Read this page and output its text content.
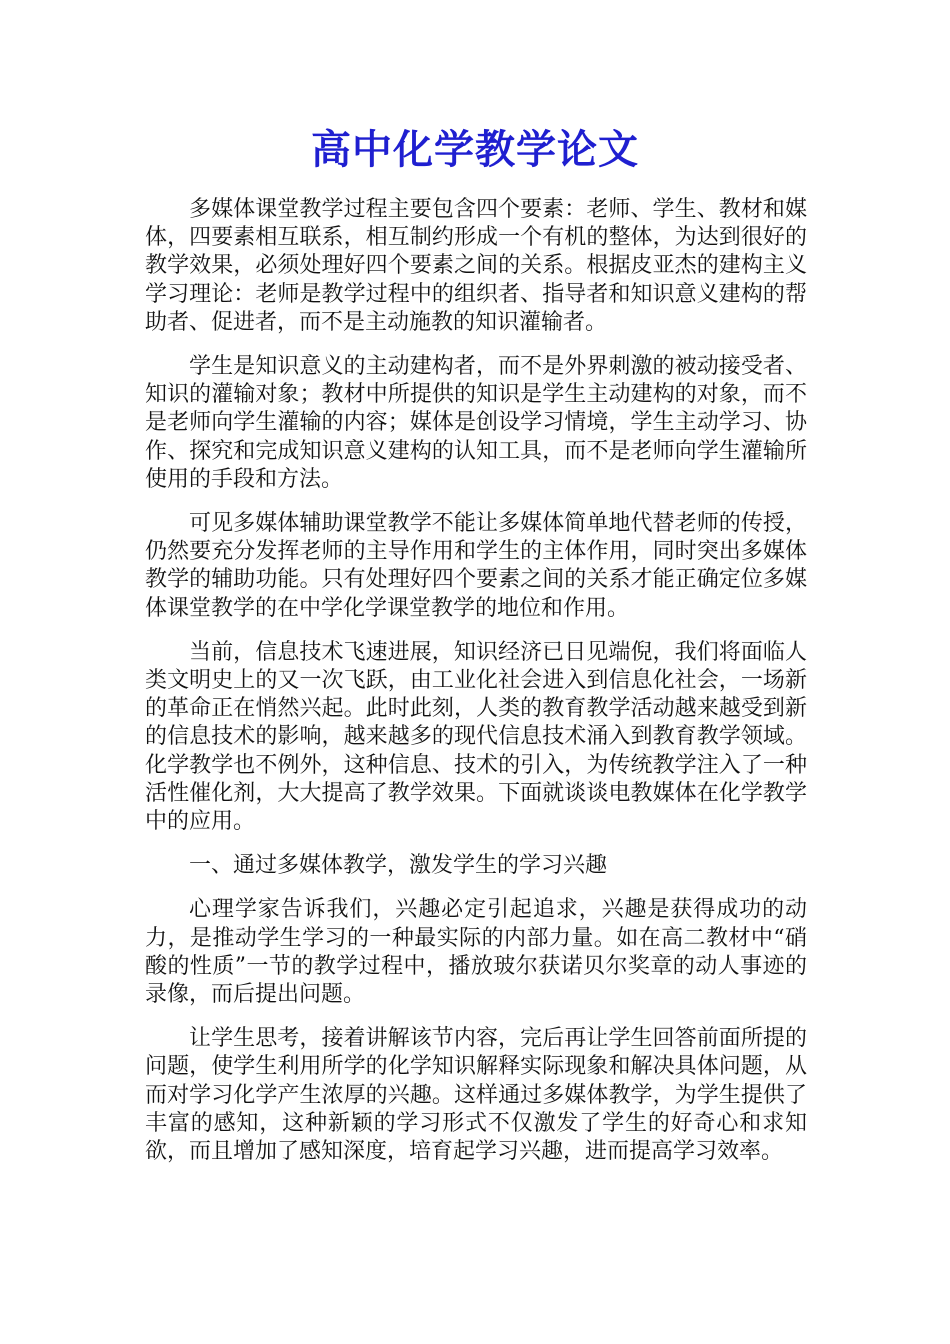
高中化学教学论文

多媒体课堂教学过程主要包含四个要素：老师、学生、教材和媒体，四要素相互联系，相互制约形成一个有机的整体，为达到很好的教学效果，必须处理好四个要素之间的关系。根据皮亚杰的建构主义学习理论：老师是教学过程中的组织者、指导者和知识意义建构的帮助者、促进者，而不是主动施教的知识灌输者。

学生是知识意义的主动建构者，而不是外界刺激的被动接受者、知识的灌输对象；教材中所提供的知识是学生主动建构的对象，而不是老师向学生灌输的内容；媒体是创设学习情境，学生主动学习、协作、探究和完成知识意义建构的认知工具，而不是老师向学生灌输所使用的手段和方法。

可见多媒体辅助课堂教学不能让多媒体简单地代替老师的传授，仍然要充分发挥老师的主导作用和学生的主体作用，同时突出多媒体教学的辅助功能。只有处理好四个要素之间的关系才能正确定位多媒体课堂教学的在中学化学课堂教学的地位和作用。

当前，信息技术飞速进展，知识经济已日见端倪，我们将面临人类文明史上的又一次飞跃，由工业化社会进入到信息化社会，一场新的革命正在悄然兴起。此时此刻，人类的教育教学活动越来越受到新的信息技术的影响，越来越多的现代信息技术涌入到教育教学领域。化学教学也不例外，这种信息、技术的引入，为传统教学注入了一种活性催化剂，大大提高了教学效果。下面就谈谈电教媒体在化学教学中的应用。

一、通过多媒体教学，激发学生的学习兴趣

心理学家告诉我们，兴趣必定引起追求，兴趣是获得成功的动力，是推动学生学习的一种最实际的内部力量。如在高二教材中“硝酸的性质”一节的教学过程中，播放玻尔获诺贝尔奖章的动人事迹的录像，而后提出问题。

让学生思考，接着讲解该节内容，完后再让学生回答前面所提的问题，使学生利用所学的化学知识解释实际现象和解决具体问题，从而对学习化学产生浓厚的兴趣。这样通过多媒体教学，为学生提供了丰富的感知，这种新颖的学习形式不仅激发了学生的好奇心和求知欲，而且增加了感知深度，培育起学习兴趣，进而提高学习效率。
